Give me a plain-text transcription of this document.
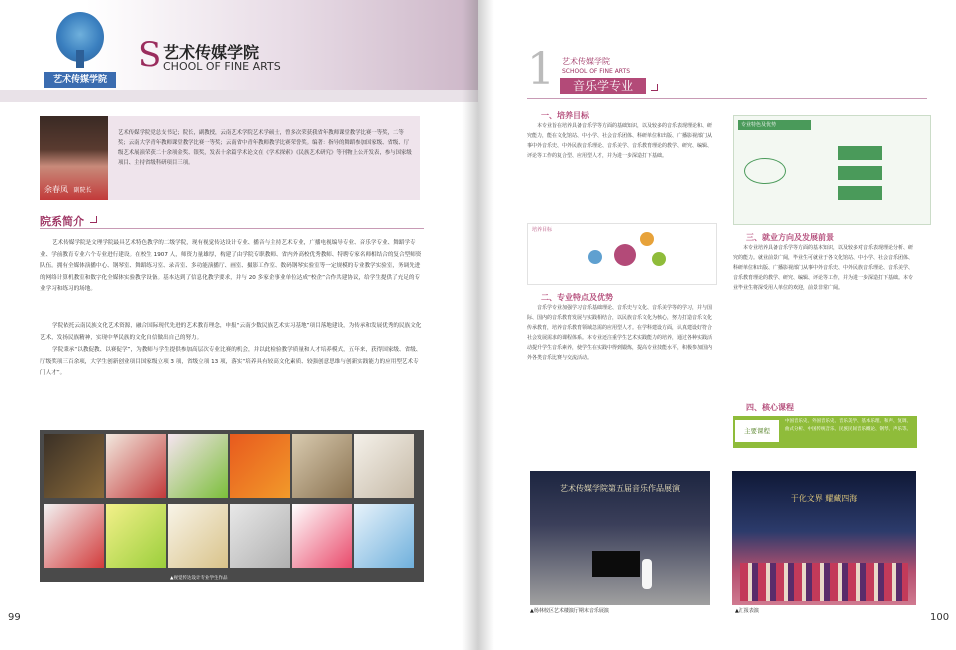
艺术传媒学院
S 艺术传媒学院
CHOOL OF FINE ARTS
余春凤 副院长
艺术传媒学院党总支书记；院长，副教授，云南艺术学院艺术学硕士，曾多次荣获我省年教师课堂教学比赛一等奖，二等奖；云南大学青年教师课堂教学比赛一等奖；云南省中青年教师教学比赛荣誉奖。编著：指导的舞蹈参加国家级、省级、厅级艺术展演荣获二十余项金奖、银奖，发表十余篇学术论文在《学术探索》《民族艺术研究》等刊物上公开发表，参与国家级项目、主持省级科研项目三项。
院系简介
艺术传媒学院是文理学院最具艺术特色教学的二级学院，现有视觉传达设计专业、播音与主持艺术专业，广播电视编导专业、音乐学专业、舞蹈学专业、学前教育专业六个专业进行建设。在校生 1907 人，师资力量雄厚，构建了由学院专职教师、省内外高校优秀教师、特聘专家名师相结合的复合型师资队伍。拥有全媒体演播中心、钢琴室、舞蹈练习室、录音室、多功能演播厅、画室、摄影工作室、数码钢琴实验室等一定规模的专业教学实验室，务调先进的网络计算机教室和数字化全媒体实验教学设备。基本达到了信息化教学要求，并与 20 多家企事业单位达成“校企”合作共建协议，给学生提供了充足的专业学习和练习的场地。
学院依托云南民族文化艺术资源，融合国际现代先进的艺术教育理念，申报“云南少数民族艺术实习基地”项目落地建设，为传承和发展优秀的民族文化艺术，发扬民族精神，实现中华民族的文化自信做出自己的努力。
学院秉承“以教促教、以赛促学”，为教师与学生提供参加高层次专业比赛的机会，并以此检验教学质量和人才培养模式，五年来，获得国家级、省级、厅级奖项三百余项，大学生创新创业项目国家级立项 3 项，省级立项 13 项，落实“培养具有较高文化素质、较强创意思维与创新实践能力的应用型艺术专门人才”。
▲视觉传达设计专业学生作品
99
1 艺术传媒学院
SCHOOL OF FINE ARTS
音乐学专业
一、培养目标
本专业旨在培养具备音乐学等方面的基础知识，以及较多的音乐表现理论和、研究能力，能在文化馆站、中小学、社会音乐团体、科研单位和出版、广播影视部门从事中外音乐史、中外民族音乐理论、音乐美学、音乐教育理论的教学、研究、编辑、评论等工作的复合型、应用型人才，并为进一步深造打下基础。
培养目标
二、专业特点及优势
音乐学专业加强学习音乐基础理论、音乐史与文化、音乐美学等的学习，并与国际、国内的音乐教育发展与实践相结合，以民族音乐文化为核心，努力打造音乐文化传承教育，培养音乐教育领域急需的应用型人才。在学科建设方面，认真建设好符合社会发展需求的课程体系。本专业还注重学生艺术实践能力的培养，通过各种实践活动提升学生音乐素养，使学生在实践中得到锻炼，提高专业技能水平，积极参加国内外各类音乐比赛与交流活动。
专业特色及优势
三、就业方向及发展前景
本专业培养具备音乐学等方面的基本知识，以及较多对音乐表现理论分析、研究的能力。就业前景广阔，毕业生可就业于各文化馆站、中小学、社会音乐团体、科研单位和出版、广播影视部门从事中外音乐史、中外民族音乐理论、音乐美学、音乐教育理论的教学、研究、编辑、评论等工作，并为进一步深造打下基础。本专业毕业生将深受用人单位的欢迎，前景非常广阔。
四、核心课程
主要课程
中国音乐史、外国音乐史、音乐美学、基本乐理、和声、复调、曲式分析、中国传统音乐、民族民间音乐概论、钢琴、声乐等。
艺术传媒学院第五届音乐作品展演
▲杨林校区艺术楼演厅期末音乐展演
于化文界 耀藏四海
▲汇报表演
100
